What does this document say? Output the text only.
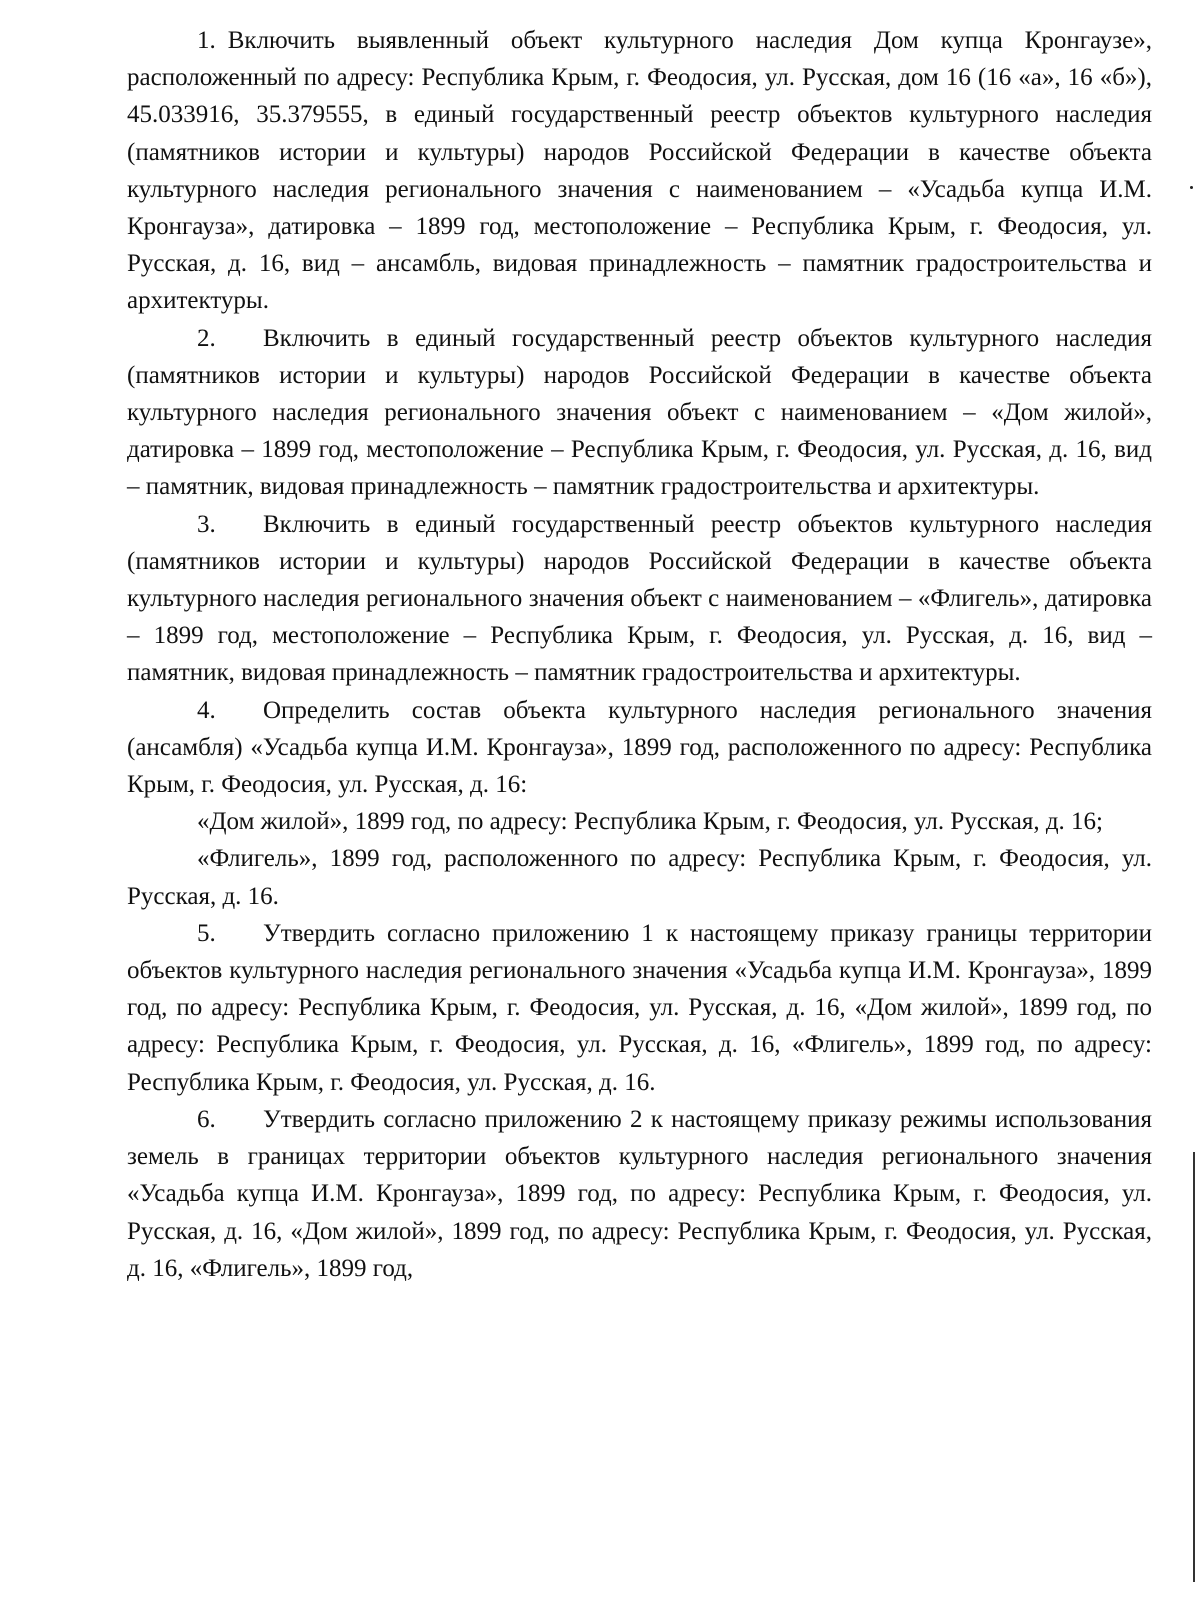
1. Включить выявленный объект культурного наследия Дом купца Кронгаузе», расположенный по адресу: Республика Крым, г. Феодосия, ул. Русская, дом 16 (16 «а», 16 «б»), 45.033916, 35.379555, в единый государственный реестр объектов культурного наследия (памятников истории и культуры) народов Российской Федерации в качестве объекта культурного наследия регионального значения с наименованием – «Усадьба купца И.М. Кронгауза», датировка – 1899 год, местоположение – Республика Крым, г. Феодосия, ул. Русская, д. 16, вид – ансамбль, видовая принадлежность – памятник градостроительства и архитектуры.

2. Включить в единый государственный реестр объектов культурного наследия (памятников истории и культуры) народов Российской Федерации в качестве объекта культурного наследия регионального значения объект с наименованием – «Дом жилой», датировка – 1899 год, местоположение – Республика Крым, г. Феодосия, ул. Русская, д. 16, вид – памятник, видовая принадлежность – памятник градостроительства и архитектуры.

3. Включить в единый государственный реестр объектов культурного наследия (памятников истории и культуры) народов Российской Федерации в качестве объекта культурного наследия регионального значения объект с наименованием – «Флигель», датировка – 1899 год, местоположение – Республика Крым, г. Феодосия, ул. Русская, д. 16, вид – памятник, видовая принадлежность – памятник градостроительства и архитектуры.

4. Определить состав объекта культурного наследия регионального значения (ансамбля) «Усадьба купца И.М. Кронгауза», 1899 год, расположенного по адресу: Республика Крым, г. Феодосия, ул. Русская, д. 16:

«Дом жилой», 1899 год, по адресу: Республика Крым, г. Феодосия, ул. Русская, д. 16;

«Флигель», 1899 год, расположенного по адресу: Республика Крым, г. Феодосия, ул. Русская, д. 16.

5. Утвердить согласно приложению 1 к настоящему приказу границы территории объектов культурного наследия регионального значения «Усадьба купца И.М. Кронгауза», 1899 год, по адресу: Республика Крым, г. Феодосия, ул. Русская, д. 16, «Дом жилой», 1899 год, по адресу: Республика Крым, г. Феодосия, ул. Русская, д. 16, «Флигель», 1899 год, по адресу: Республика Крым, г. Феодосия, ул. Русская, д. 16.

6. Утвердить согласно приложению 2 к настоящему приказу режимы использования земель в границах территории объектов культурного наследия регионального значения «Усадьба купца И.М. Кронгауза», 1899 год, по адресу: Республика Крым, г. Феодосия, ул. Русская, д. 16, «Дом жилой», 1899 год, по адресу: Республика Крым, г. Феодосия, ул. Русская, д. 16, «Флигель», 1899 год,
